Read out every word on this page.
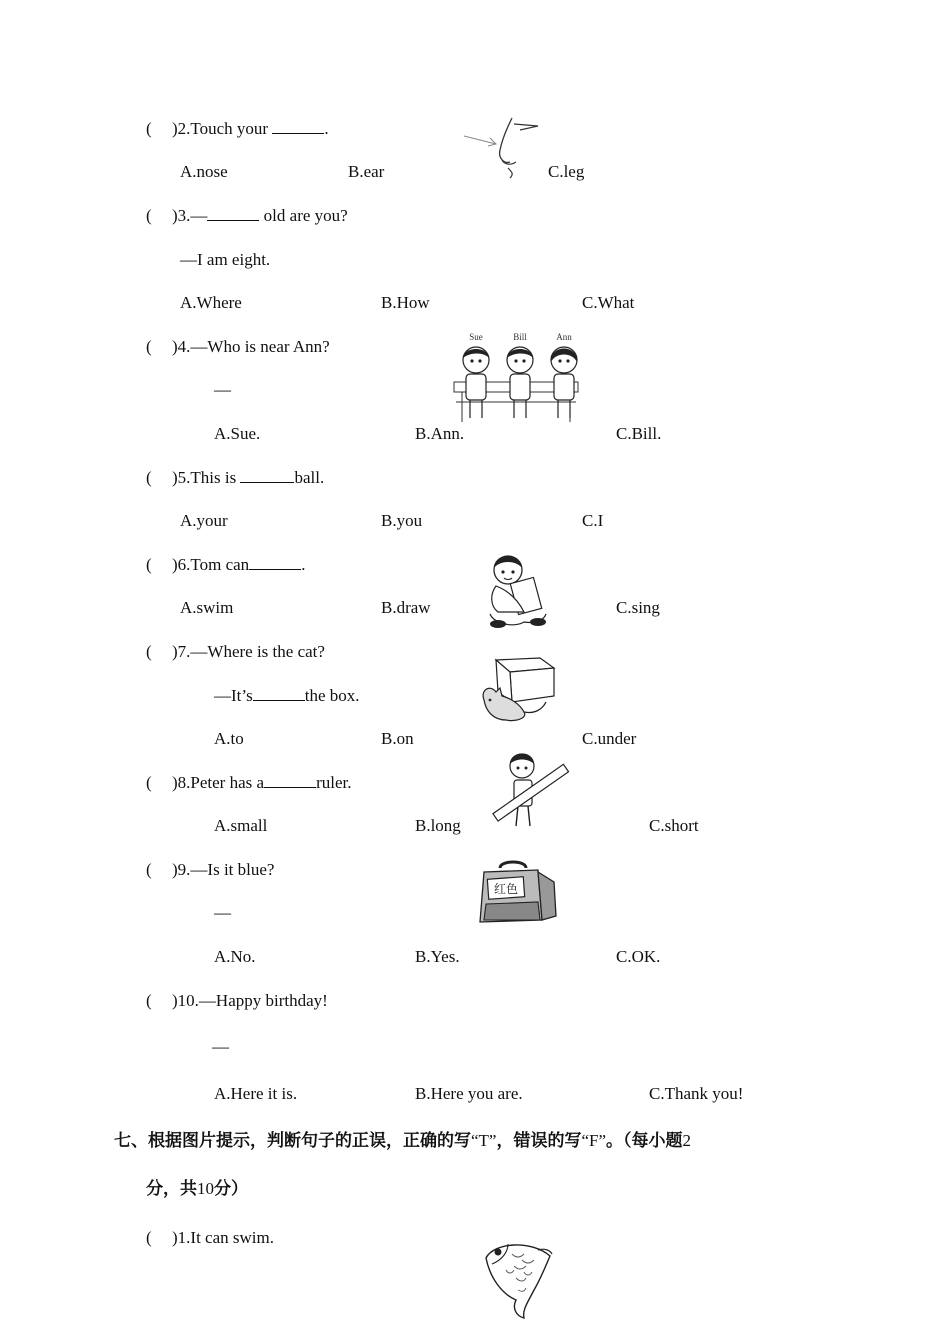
( )2.Touch your	.
A.nose	B.ear	C.leg
( )3.—	old are you?
—I am eight.
A.Where	B.How	C.What
( )4.—Who is near Ann?
—
A.Sue.	B.Ann.	C.Bill.
Sue	Bill	Ann
( )5.This is	ball.
A.your	B.you	C.I
( )6.Tom can	.
A.swim	B.draw	C.sing
( )7.—Where is the cat?
—It’s	the box.
A.to	B.on	C.under
( )8.Peter has a	ruler.
A.small	B.long	C.short
( )9.—Is it blue?
—
A.No.	B.Yes.	C.OK.
红色
( )10.—Happy birthday!
—
A.Here it is.	B.Here you are.	C.Thank you!
七、根据图片提示，判断句子的正误，正确的写“T”，错误的写“F”。（每小题2
分，共10分）
( )1.It can swim.
